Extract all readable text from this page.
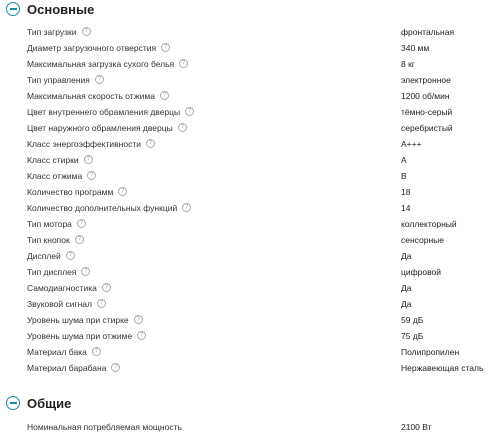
Основные
Тип загрузки ?	фронтальная
Диаметр загрузочного отверстия ?	340 мм
Максимальная загрузка сухого белья ?	8 кг
Тип управления ?	электронное
Максимальная скорость отжима ?	1200 об/мин
Цвет внутреннего обрамления дверцы ?	тёмно-серый
Цвет наружного обрамления дверцы ?	серебристый
Класс энергоэффективности ?	A+++
Класс стирки ?	A
Класс отжима ?	B
Количество программ ?	18
Количество дополнительных функций ?	14
Тип мотора ?	коллекторный
Тип кнопок ?	сенсорные
Дисплей ?	Да
Тип дисплея ?	цифровой
Самодиагностика ?	Да
Звуковой сигнал ?	Да
Уровень шума при стирке ?	59 дБ
Уровень шума при отжиме ?	75 дБ
Материал бака ?	Полипропилен
Материал барабана ?	Нержавеющая сталь
Общие
Номинальная потребляемая мощность	2100 Вт
